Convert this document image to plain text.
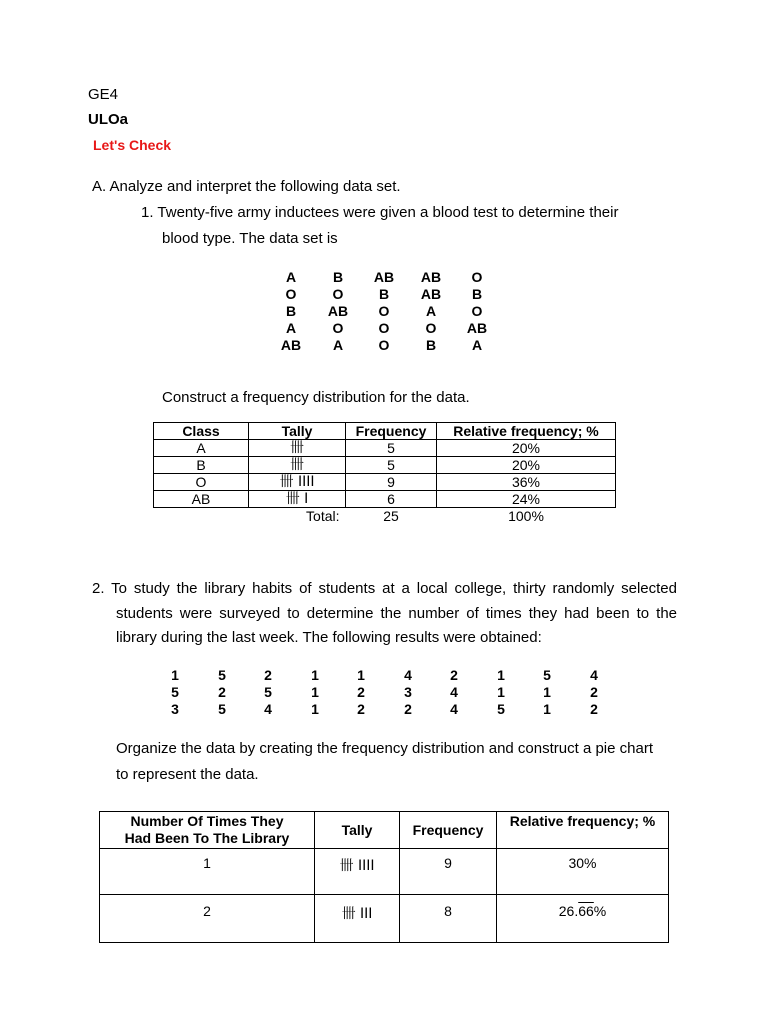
GE4
ULOa
Let's Check
A. Analyze and interpret the following data set.
1. Twenty-five army inductees were given a blood test to determine their
blood type. The data set is
A	B	AB	AB	O
O	O	B	AB	B
B	AB	O	A	O
A	O	O	O	AB
AB	A	O	B	A
Construct a frequency distribution for the data.
Class	Tally	Frequency	Relative frequency; %
A	卌	5	20%
B	卌	5	20%
O	卌 IIII	9	36%
AB	卌 I	6	24%
	Total:	25	100%
2. To study the library habits of students at a local college, thirty randomly selected
students were surveyed to determine the number of times they had been to the
library during the last week. The following results were obtained:
1	5	2	1	1	4	2	1	5	4
5	2	5	1	2	3	4	1	1	2
3	5	4	1	2	2	4	5	1	2
Organize the data by creating the frequency distribution and construct a pie chart
to represent the data.
Number Of Times They
Had Been To The Library	Tally	Frequency	Relative frequency; %
1	卌 IIII	9	30%
2	卌 III	8	26.66%
